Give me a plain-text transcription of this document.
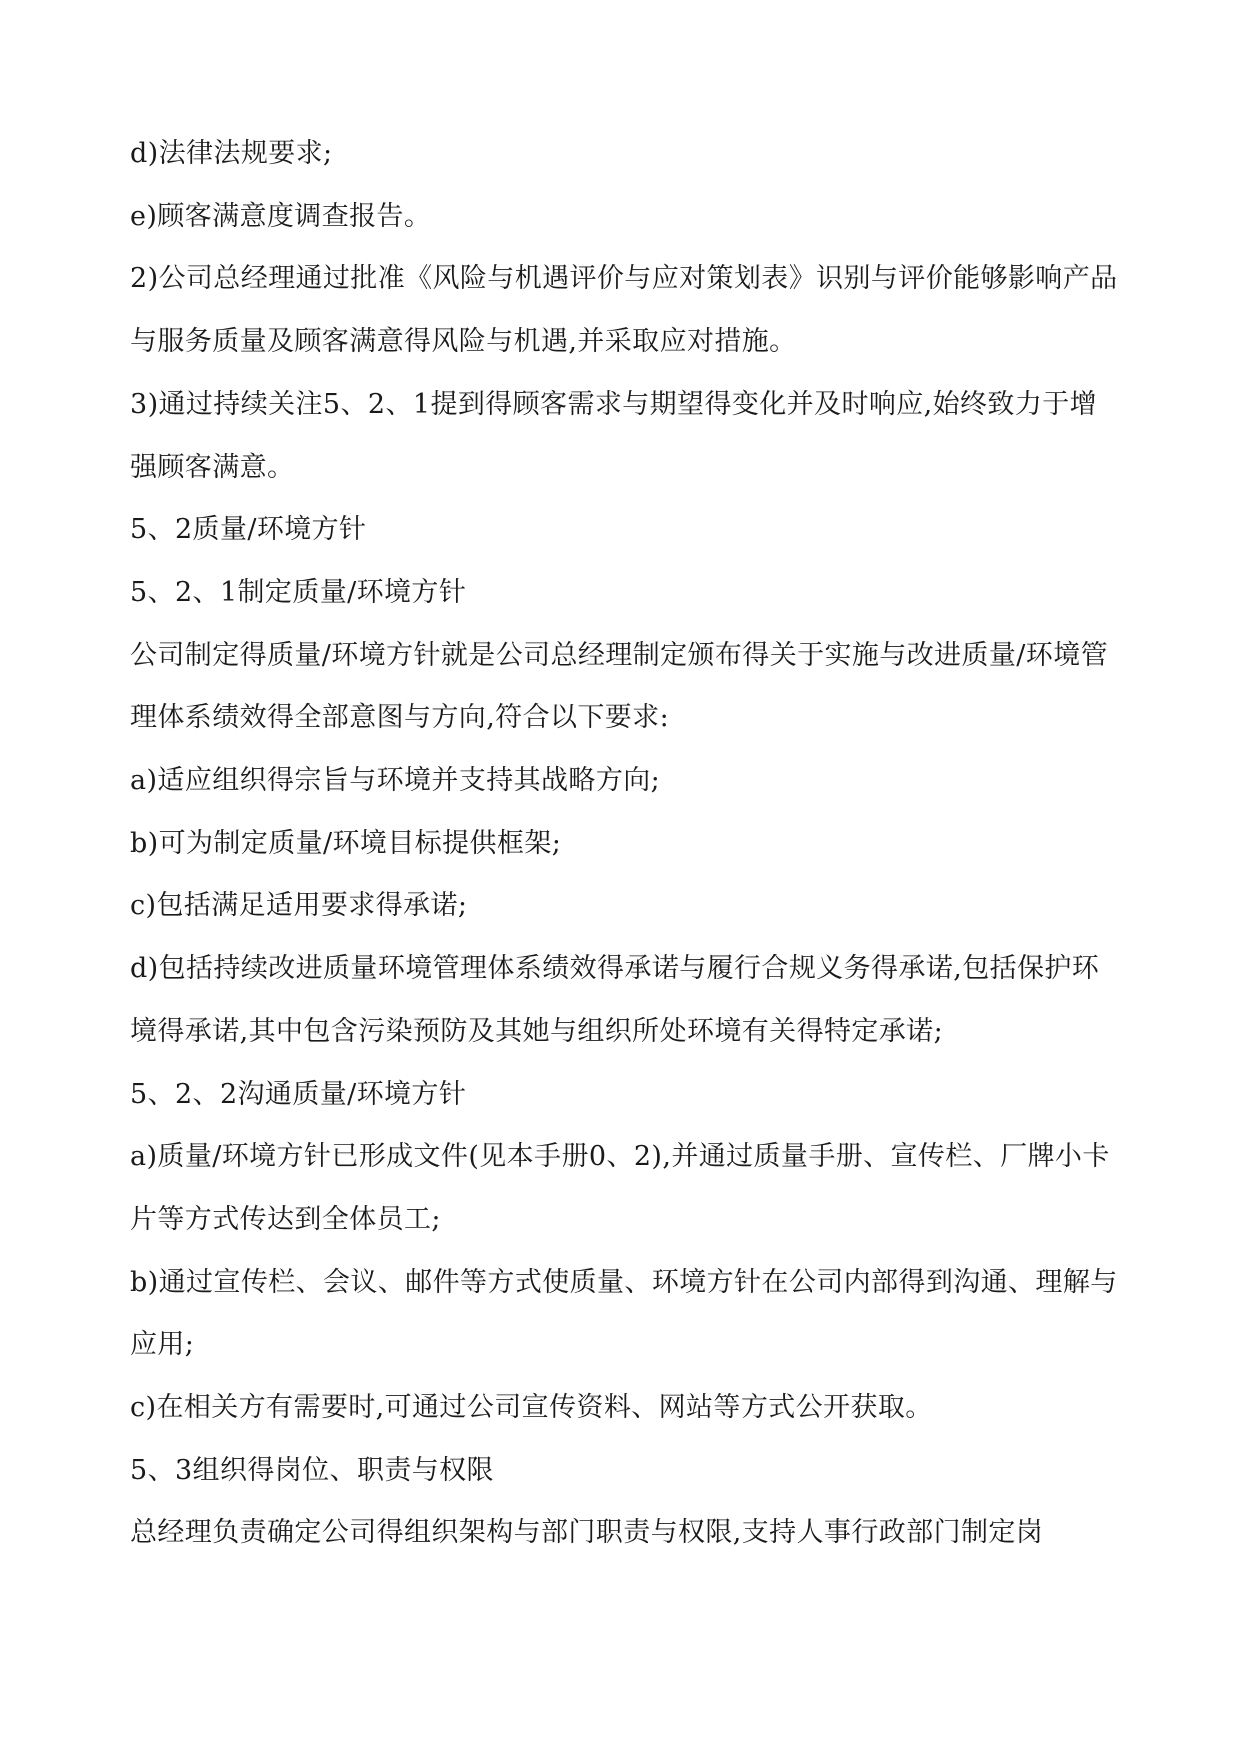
d)法律法规要求;

e)顾客满意度调查报告。

2)公司总经理通过批准《风险与机遇评价与应对策划表》识别与评价能够影响产品与服务质量及顾客满意得风险与机遇,并采取应对措施。

3)通过持续关注5、2、1提到得顾客需求与期望得变化并及时响应,始终致力于增强顾客满意。

5、2质量/环境方针

5、2、1制定质量/环境方针

公司制定得质量/环境方针就是公司总经理制定颁布得关于实施与改进质量/环境管理体系绩效得全部意图与方向,符合以下要求:

a)适应组织得宗旨与环境并支持其战略方向;

b)可为制定质量/环境目标提供框架;

c)包括满足适用要求得承诺;

d)包括持续改进质量环境管理体系绩效得承诺与履行合规义务得承诺,包括保护环境得承诺,其中包含污染预防及其她与组织所处环境有关得特定承诺;

5、2、2沟通质量/环境方针

a)质量/环境方针已形成文件(见本手册0、2),并通过质量手册、宣传栏、厂牌小卡片等方式传达到全体员工;

b)通过宣传栏、会议、邮件等方式使质量、环境方针在公司内部得到沟通、理解与应用;

c)在相关方有需要时,可通过公司宣传资料、网站等方式公开获取。

5、3组织得岗位、职责与权限

总经理负责确定公司得组织架构与部门职责与权限,支持人事行政部门制定岗
